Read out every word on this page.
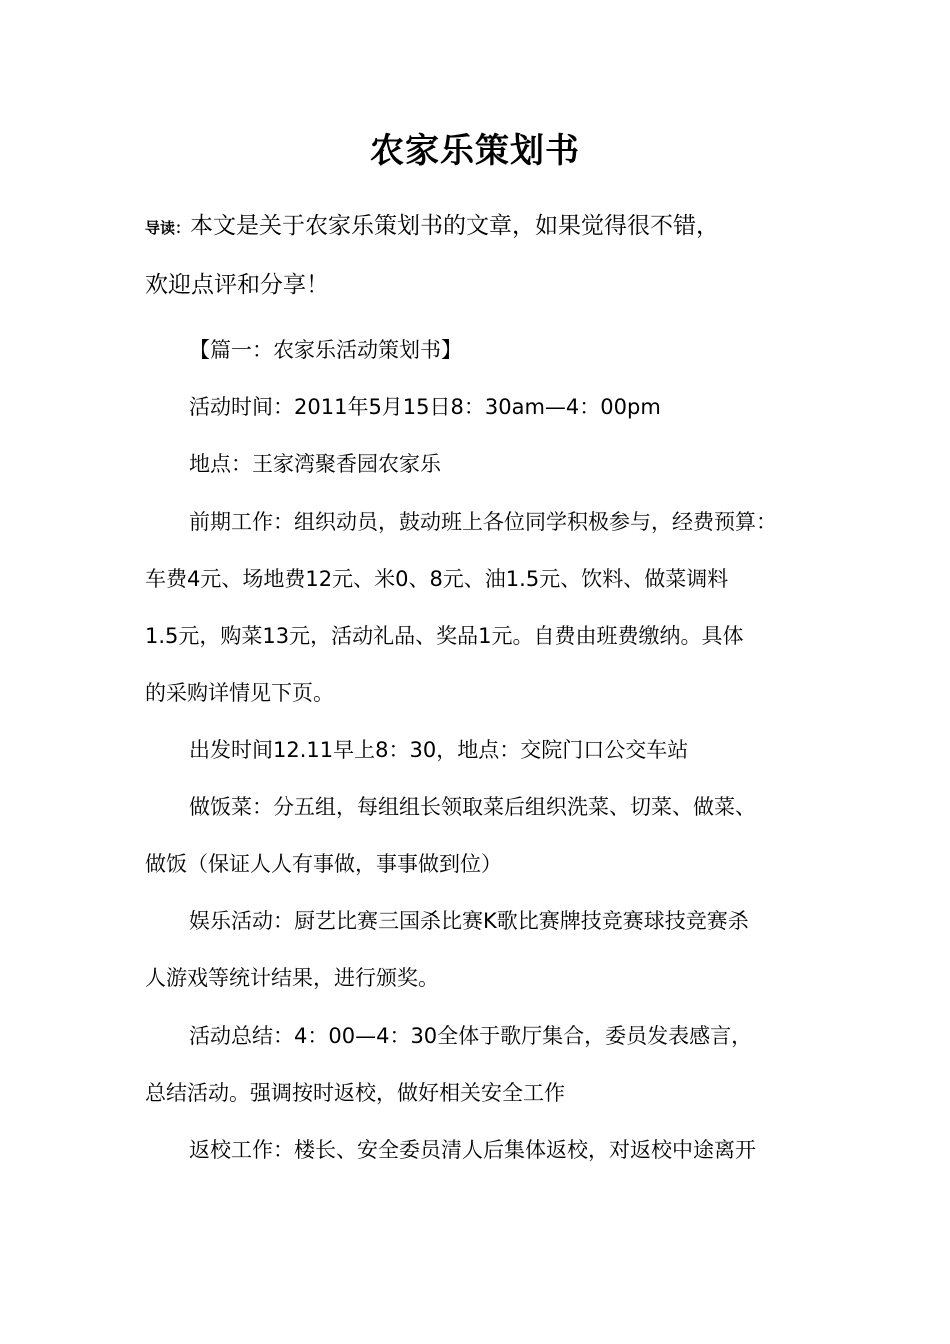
农家乐策划书
导读：本文是关于农家乐策划书的文章，如果觉得很不错，
欢迎点评和分享！

【篇一：农家乐活动策划书】

活动时间：2011年5月15日8：30am—4：00pm

地点：王家湾聚香园农家乐

前期工作：组织动员，鼓动班上各位同学积极参与，经费预算：

车费4元、场地费12元、米0、8元、油1.5元、饮料、做菜调料

1.5元，购菜13元，活动礼品、奖品1元。自费由班费缴纳。具体

的采购详情见下页。

出发时间12.11早上8：30，地点：交院门口公交车站

做饭菜：分五组，每组组长领取菜后组织洗菜、切菜、做菜、

做饭（保证人人有事做，事事做到位）

娱乐活动：厨艺比赛三国杀比赛K歌比赛牌技竞赛球技竞赛杀

人游戏等统计结果，进行颁奖。

活动总结：4：00—4：30全体于歌厅集合，委员发表感言，

总结活动。强调按时返校，做好相关安全工作

返校工作：楼长、安全委员清人后集体返校，对返校中途离开
